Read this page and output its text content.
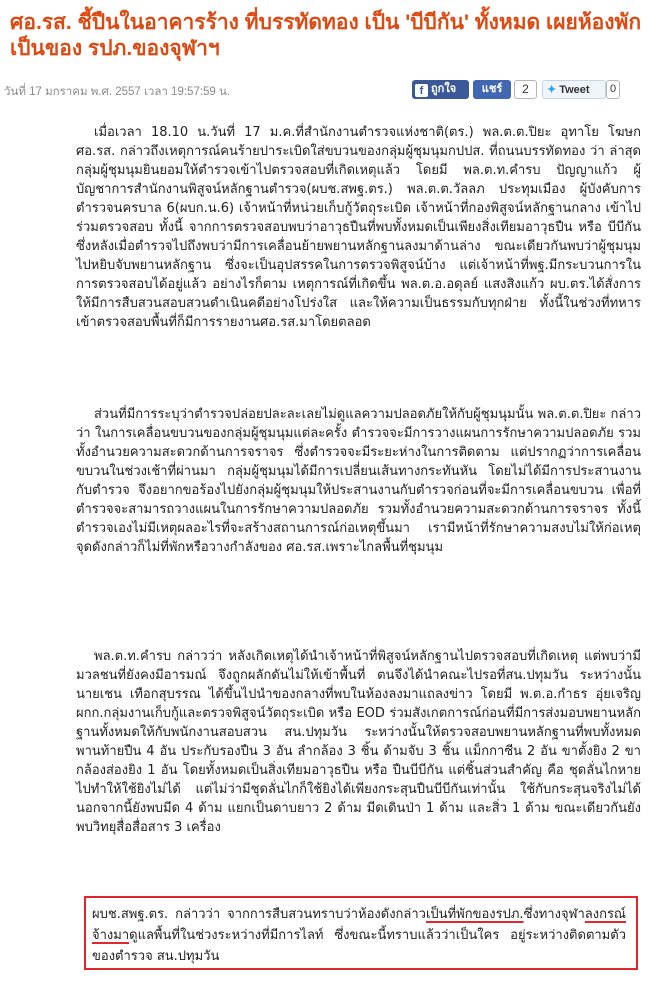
ศอ.รส. ชี้ปืนในอาคารร้าง ที่บรรทัดทอง เป็น 'บีบีกัน' ทั้งหมด เผยห้องพักเป็นของ รปภ.ของจุฬาฯ
วันที่ 17 มกราคม พ.ศ. 2557 เวลา 19:57:59 น.	f ถูกใจ	แชร์	2	✦ Tweet	0

เมื่อเวลา 18.10 น.วันที่ 17 ม.ค.ที่สำนักงานตำรวจแห่งชาติ(ตร.) พล.ต.ต.ปิยะ อุทาโย โฆษกศอ.รส. กล่าวถึงเหตุการณ์คนร้ายปาระเบิดใส่ขบวนของกลุ่มผู้ชุมนุมกปปส. ที่ถนนบรรทัดทอง ว่า ล่าสุดกลุ่มผู้ชุมนุมยินยอมให้ตำรวจเข้าไปตรวจสอบที่เกิดเหตุแล้ว โดยมี พล.ต.ท.คำรบ ปัญญาแก้ว ผู้บัญชาการสำนักงานพิสูจน์หลักฐานตำรวจ(ผบช.สพฐ.ตร.) พล.ต.ต.วัลลภ ประทุมเมือง ผู้บังคับการตำรวจนครบาล 6(ผบก.น.6) เจ้าหน้าที่หน่วยเก็บกู้วัตถุระเบิด เจ้าหน้าที่กองพิสูจน์หลักฐานกลาง เข้าไปร่วมตรวจสอบ ทั้งนี้ จากการตรวจสอบพบว่าอาวุธปืนที่พบทั้งหมดเป็นเพียงสิ่งเทียมอาวุธปืน หรือ บีบีกัน ซึ่งหลังเมื่อตำรวจไปถึงพบว่ามีการเคลื่อนย้ายพยานหลักฐานลงมาด้านล่าง ขณะเดียวกันพบว่าผู้ชุมนุมไปหยิบจับพยานหลักฐาน ซึ่งจะเป็นอุปสรรคในการตรวจพิสูจน์บ้าง แต่เจ้าหน้าที่พฐ.มีกระบวนการในการตรวจสอบได้อยู่แล้ว อย่างไรก็ตาม เหตุการณ์ที่เกิดขึ้น พล.ต.อ.อดุลย์ แสงสิงแก้ว ผบ.ตร.ได้สั่งการให้มีการสืบสวนสอบสวนดำเนินคดีอย่างโปร่งใส และให้ความเป็นธรรมกับทุกฝ่าย ทั้งนี้ในช่วงที่ทหารเข้าตรวจสอบพื้นที่ก็มีการรายงานศอ.รส.มาโดยตลอด

ส่วนที่มีการระบุว่าตำรวจปล่อยปละละเลยไม่ดูแลความปลอดภัยให้กับผู้ชุมนุมนั้น พล.ต.ต.ปิยะ กล่าวว่า ในการเคลื่อนขบวนของกลุ่มผู้ชุมนุมแต่ละครั้ง ตำรวจจะมีการวางแผนการรักษาความปลอดภัย รวมทั้งอำนวยความสะดวกด้านการจราจร ซึ่งตำรวจจะมีระยะห่างในการติดตาม แต่ปรากฏว่าการเคลื่อนขบวนในช่วงเช้าที่ผ่านมา กลุ่มผู้ชุมนุมได้มีการเปลี่ยนเส้นทางกระทันหัน โดยไม่ได้มีการประสานงานกับตำรวจ จึงอยากขอร้องไปยังกลุ่มผู้ชุมนุมให้ประสานงานกับตำรวจก่อนที่จะมีการเคลื่อนขบวน เพื่อที่ตำรวจจะสามารถวางแผนในการรักษาความปลอดภัย รวมทั้งอำนวยความสะดวกด้านการจราจร ทั้งนี้ตำรวจเองไม่มีเหตุผลอะไรที่จะสร้างสถานการณ์ก่อเหตุขึ้นมา เรามีหน้าที่รักษาความสงบไม่ให้ก่อเหตุ จุดดังกล่าวก็ไม่ที่พักหรือวางกำลังของ ศอ.รส.เพราะไกลพื้นที่ชุมนุม

พล.ต.ท.คำรบ กล่าวว่า หลังเกิดเหตุได้นำเจ้าหน้าที่พิสูจน์หลักฐานไปตรวจสอบที่เกิดเหตุ แต่พบว่ามีมวลชนที่ยังคงมีอารมณ์ จึงถูกผลักดันไม่ให้เข้าพื้นที่ ตนจึงได้นำคณะไปรอที่สน.ปทุมวัน ระหว่างนั้น นายเชน เทือกสุบรรณ ได้ขึ้นไปนำของกลางที่พบในห้องลงมาแถลงข่าว โดยมี พ.ต.อ.กำธร อุ่ยเจริญ ผกก.กลุ่มงานเก็บกู้และตรวจพิสูจน์วัตถุระเบิด หรือ EOD ร่วมสังเกตการณ์ก่อนที่มีการส่งมอบพยานหลักฐานทั้งหมดให้กับพนักงานสอบสวน สน.ปทุมวัน ระหว่างนั้นให้ตรวจสอบพยานหลักฐานที่พบทั้งหมด พานท้ายปืน 4 อัน ประกับรองปืน 3 อัน ลำกล้อง 3 ชิ้น ด้ามจับ 3 ชิ้น แม็กกาซีน 2 อัน ขาตั้งยิง 2 ขา กล้องส่องยิง 1 อัน โดยทั้งหมดเป็นสิ่งเทียมอาวุธปืน หรือ ปืนบีบีกัน แต่ชิ้นส่วนสำคัญ คือ ชุดลั่นไกหายไปทำให้ใช้ยิงไม่ได้ แต่ไม่ว่ามีชุดลั่นไกก็ใช้ยิงได้เพียงกระสุนปืนบีบีกันเท่านั้น ใช้กับกระสุนจริงไม่ได้ นอกจากนี้ยังพบมีด 4 ด้าม แยกเป็นดาบยาว 2 ด้าม มีดเดินป่า 1 ด้าม และสิ่ว 1 ด้าม ขณะเดียวกันยังพบวิทยุสื่อสื่อสาร 3 เครื่อง

ผบช.สพฐ.ตร. กล่าวว่า จากการสืบสวนทราบว่าห้องดังกล่าวเป็นที่พักของรปภ.ซึ่งทางจุฬาลงกรณ์จ้างมาดูแลพื้นที่ในช่วงระหว่างที่มีการไลท์ ซึ่งขณะนี้ทราบแล้วว่าเป็นใคร อยู่ระหว่างติดตามตัวของตำรวจ สน.ปทุมวัน
